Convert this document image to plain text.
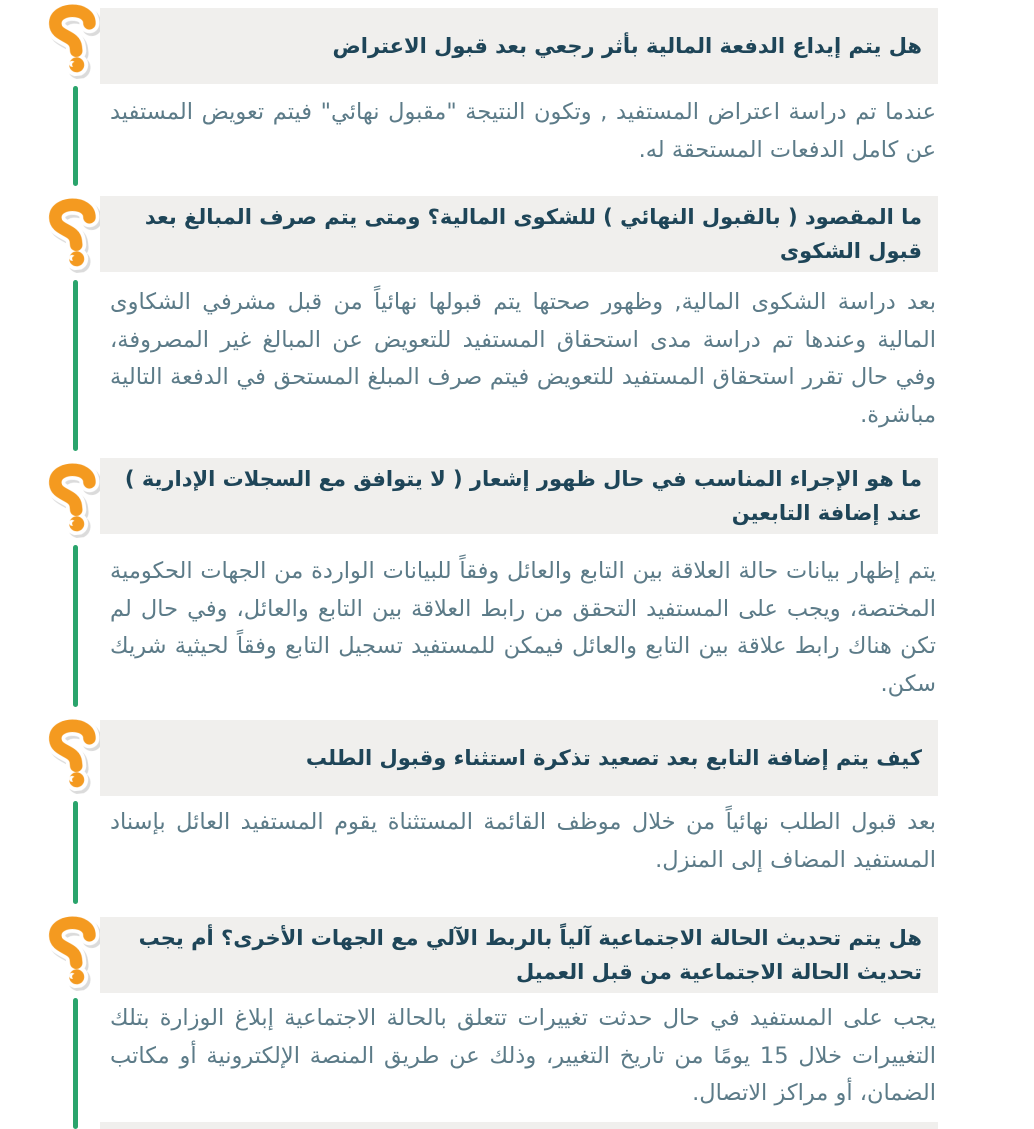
هل يتم إيداع الدفعة المالية بأثر رجعي بعد قبول الاعتراض

عندما تم دراسة اعتراض المستفيد , وتكون النتيجة "مقبول نهائي" فيتم تعويض المستفيد عن كامل الدفعات المستحقة له.

ما المقصود ( بالقبول النهائي ) للشكوى المالية؟ ومتى يتم صرف المبالغ بعد قبول الشكوى

بعد دراسة الشكوى المالية, وظهور صحتها يتم قبولها نهائياً من قبل مشرفي الشكاوى المالية وعندها تم دراسة مدى استحقاق المستفيد للتعويض عن المبالغ غير المصروفة، وفي حال تقرر استحقاق المستفيد للتعويض فيتم صرف المبلغ المستحق في الدفعة التالية مباشرة.

ما هو الإجراء المناسب في حال ظهور إشعار ( لا يتوافق مع السجلات الإدارية ) عند إضافة التابعين

يتم إظهار بيانات حالة العلاقة بين التابع والعائل وفقاً للبيانات الواردة من الجهات الحكومية المختصة، ويجب على المستفيد التحقق من رابط العلاقة بين التابع والعائل، وفي حال لم تكن هناك رابط علاقة بين التابع والعائل فيمكن للمستفيد تسجيل التابع وفقاً لحيثية شريك سكن.

كيف يتم إضافة التابع بعد تصعيد تذكرة استثناء وقبول الطلب

بعد قبول الطلب نهائياً من خلال موظف القائمة المستثناة يقوم المستفيد العائل بإسناد المستفيد المضاف إلى المنزل.

هل يتم تحديث الحالة الاجتماعية آلياً بالربط الآلي مع الجهات الأخرى؟ أم يجب تحديث الحالة الاجتماعية من قبل العميل

يجب على المستفيد في حال حدثت تغييرات تتعلق بالحالة الاجتماعية إبلاغ الوزارة بتلك التغييرات خلال 15 يومًا من تاريخ التغيير، وذلك عن طريق المنصة الإلكترونية أو مكاتب الضمان، أو مراكز الاتصال.
